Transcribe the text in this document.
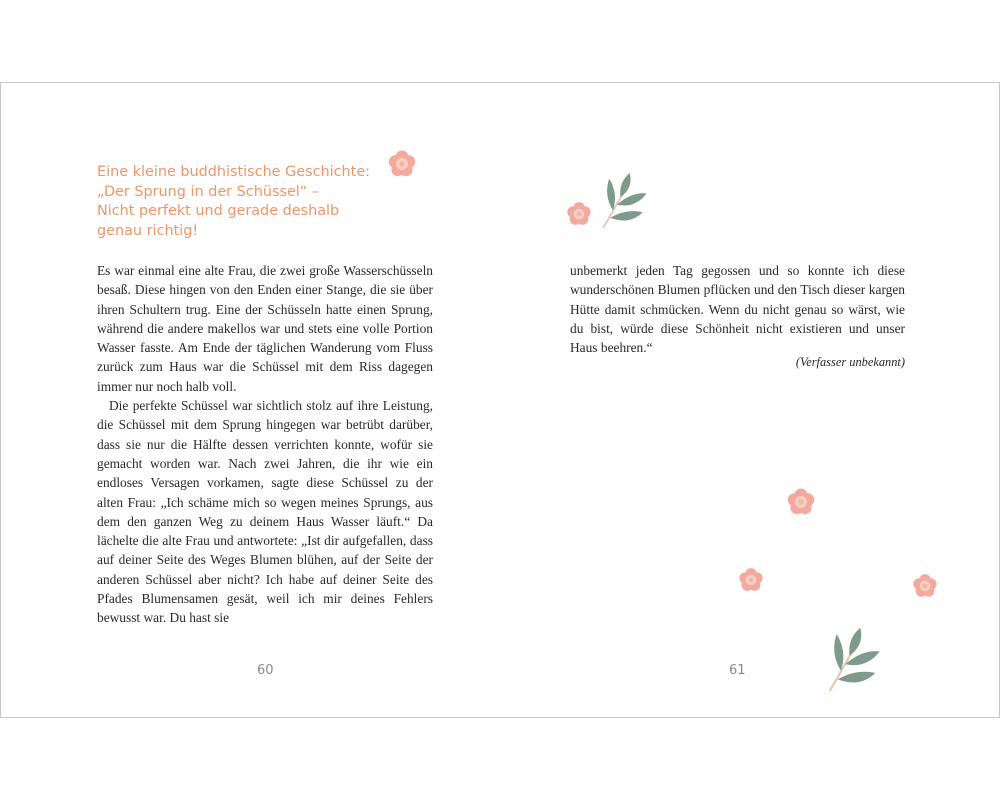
Eine kleine buddhistische Geschichte:
„Der Sprung in der Schüssel“ –
Nicht perfekt und gerade deshalb
genau richtig!

Es war einmal eine alte Frau, die zwei große Wasserschüsseln besaß. Diese hingen von den Enden einer Stange, die sie über ihren Schultern trug. Eine der Schüsseln hatte einen Sprung, während die andere makellos war und stets eine volle Portion Wasser fasste. Am Ende der täglichen Wanderung vom Fluss zurück zum Haus war die Schüssel mit dem Riss dagegen immer nur noch halb voll.

Die perfekte Schüssel war sichtlich stolz auf ihre Leistung, die Schüssel mit dem Sprung hingegen war betrübt darüber, dass sie nur die Hälfte dessen verrichten konnte, wofür sie gemacht worden war. Nach zwei Jahren, die ihr wie ein endloses Versagen vorkamen, sagte diese Schüssel zu der alten Frau: „Ich schäme mich so wegen meines Sprungs, aus dem den ganzen Weg zu deinem Haus Wasser läuft.“ Da lächelte die alte Frau und antwortete: „Ist dir aufgefallen, dass auf deiner Seite des Weges Blumen blühen, auf der Seite der anderen Schüssel aber nicht? Ich habe auf deiner Seite des Pfades Blumensamen gesät, weil ich mir deines Fehlers bewusst war. Du hast sie

60

unbemerkt jeden Tag gegossen und so konnte ich diese wunderschönen Blumen pflücken und den Tisch dieser kargen Hütte damit schmücken. Wenn du nicht genau so wärst, wie du bist, würde diese Schönheit nicht existieren und unser Haus beehren.“

(Verfasser unbekannt)

61
